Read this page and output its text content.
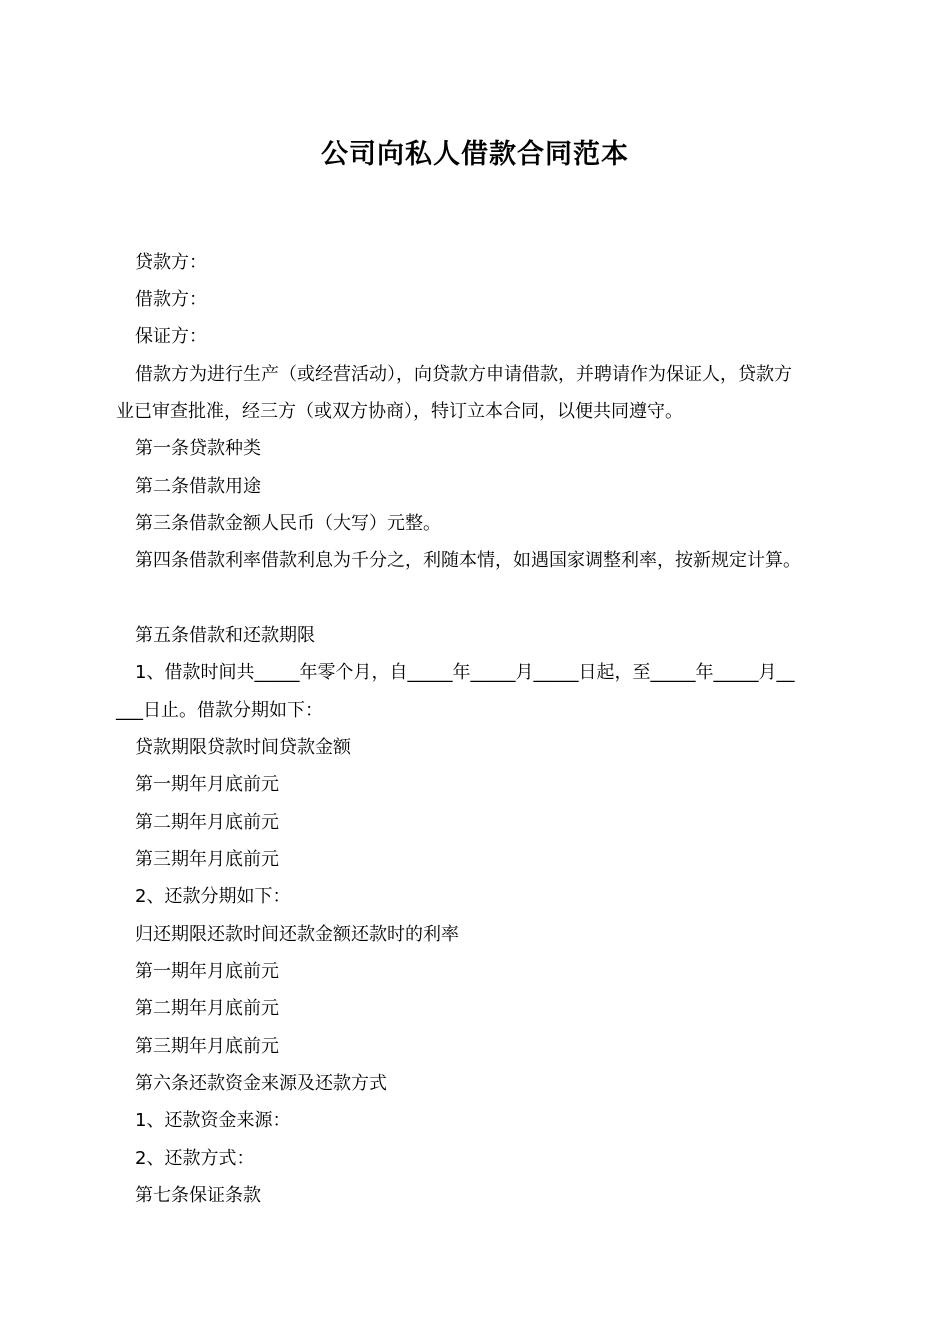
公司向私人借款合同范本
贷款方：
借款方：
保证方：
借款方为进行生产（或经营活动），向贷款方申请借款，并聘请作为保证人，贷款方
业已审查批准，经三方（或双方协商），特订立本合同，以便共同遵守。
第一条贷款种类
第二条借款用途
第三条借款金额人民币（大写）元整。
第四条借款利率借款利息为千分之，利随本情，如遇国家调整利率，按新规定计算。
第五条借款和还款期限
1、借款时间共_____年零个月，自_____年_____月_____日起，至_____年_____月__
___日止。借款分期如下：
贷款期限贷款时间贷款金额
第一期年月底前元
第二期年月底前元
第三期年月底前元
2、还款分期如下：
归还期限还款时间还款金额还款时的利率
第一期年月底前元
第二期年月底前元
第三期年月底前元
第六条还款资金来源及还款方式
1、还款资金来源：
2、还款方式：
第七条保证条款
